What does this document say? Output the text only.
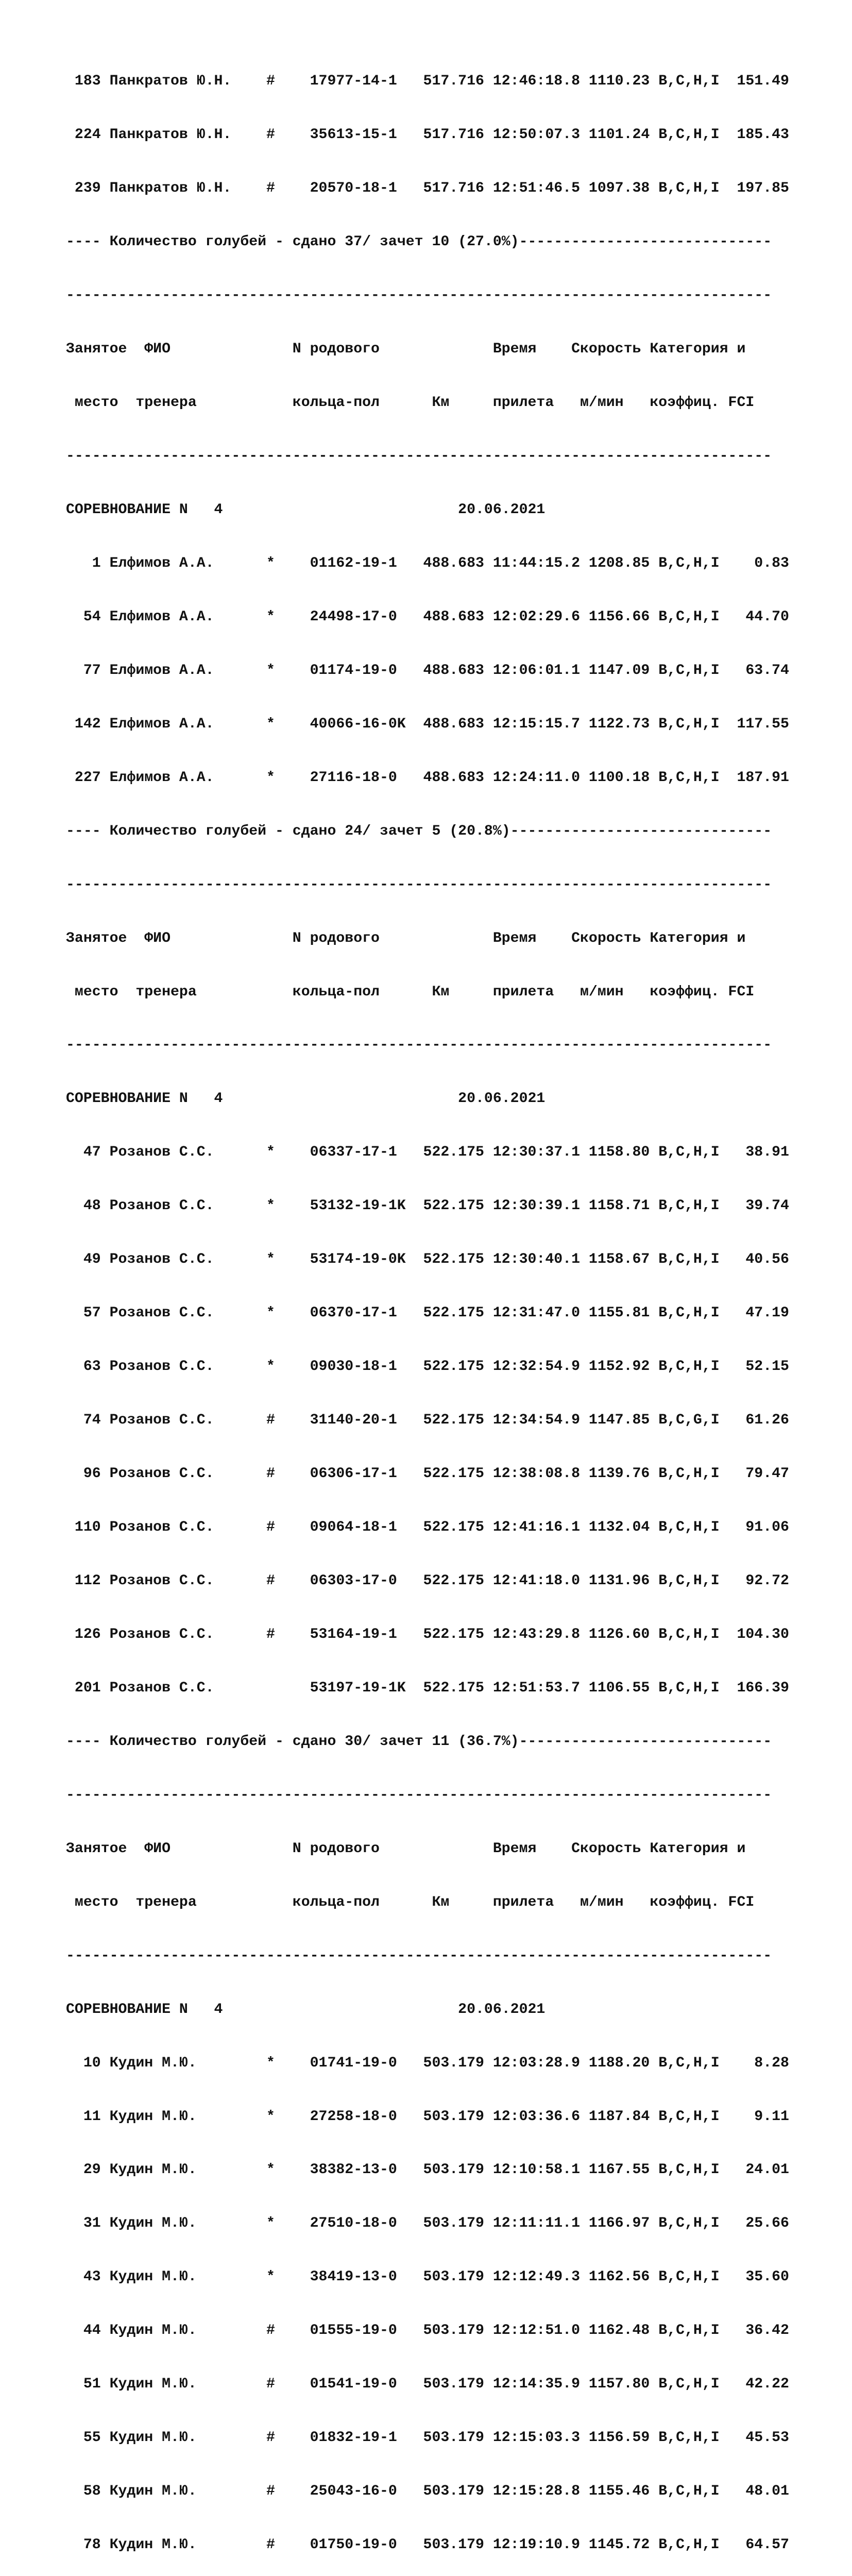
183 Панкратов Ю.Н.    #    17977-14-1   517.716 12:46:18.8 1110.23 B,C,H,I  151.49

224 Панкратов Ю.Н.    #    35613-15-1   517.716 12:50:07.3 1101.24 B,C,H,I  185.43

239 Панкратов Ю.Н.    #    20570-18-1   517.716 12:51:46.5 1097.38 B,C,H,I  197.85

---- Количество голубей - сдано 37/ зачет 10 (27.0%)-----------------------------

---------------------------------------------------------------------------------

Занятое  ФИО              N родового             Время    Скорость Категория и

место  тренера           кольца-пол      Км     прилета   м/мин   коэффиц. FCI

---------------------------------------------------------------------------------

СОРЕВНОВАНИЕ N   4                           20.06.2021

1 Елфимов А.А.      *    01162-19-1   488.683 11:44:15.2 1208.85 B,C,H,I    0.83

54 Елфимов А.А.      *    24498-17-0   488.683 12:02:29.6 1156.66 B,C,H,I   44.70

77 Елфимов А.А.      *    01174-19-0   488.683 12:06:01.1 1147.09 B,C,H,I   63.74

142 Елфимов А.А.      *    40066-16-0K  488.683 12:15:15.7 1122.73 B,C,H,I  117.55

227 Елфимов А.А.      *    27116-18-0   488.683 12:24:11.0 1100.18 B,C,H,I  187.91

---- Количество голубей - сдано 24/ зачет 5 (20.8%)------------------------------

---------------------------------------------------------------------------------

Занятое  ФИО              N родового             Время    Скорость Категория и

место  тренера           кольца-пол      Км     прилета   м/мин   коэффиц. FCI

---------------------------------------------------------------------------------

СОРЕВНОВАНИЕ N   4                           20.06.2021

47 Розанов С.С.      *    06337-17-1   522.175 12:30:37.1 1158.80 B,C,H,I   38.91

48 Розанов С.С.      *    53132-19-1K  522.175 12:30:39.1 1158.71 B,C,H,I   39.74

49 Розанов С.С.      *    53174-19-0K  522.175 12:30:40.1 1158.67 B,C,H,I   40.56

57 Розанов С.С.      *    06370-17-1   522.175 12:31:47.0 1155.81 B,C,H,I   47.19

63 Розанов С.С.      *    09030-18-1   522.175 12:32:54.9 1152.92 B,C,H,I   52.15

74 Розанов С.С.      #    31140-20-1   522.175 12:34:54.9 1147.85 B,C,G,I   61.26

96 Розанов С.С.      #    06306-17-1   522.175 12:38:08.8 1139.76 B,C,H,I   79.47

110 Розанов С.С.      #    09064-18-1   522.175 12:41:16.1 1132.04 B,C,H,I   91.06

112 Розанов С.С.      #    06303-17-0   522.175 12:41:18.0 1131.96 B,C,H,I   92.72

126 Розанов С.С.      #    53164-19-1   522.175 12:43:29.8 1126.60 B,C,H,I  104.30

201 Розанов С.С.           53197-19-1K  522.175 12:51:53.7 1106.55 B,C,H,I  166.39

---- Количество голубей - сдано 30/ зачет 11 (36.7%)-----------------------------

---------------------------------------------------------------------------------

Занятое  ФИО              N родового             Время    Скорость Категория и

место  тренера           кольца-пол      Км     прилета   м/мин   коэффиц. FCI

---------------------------------------------------------------------------------

СОРЕВНОВАНИЕ N   4                           20.06.2021

10 Кудин М.Ю.        *    01741-19-0   503.179 12:03:28.9 1188.20 B,C,H,I    8.28

11 Кудин М.Ю.        *    27258-18-0   503.179 12:03:36.6 1187.84 B,C,H,I    9.11

29 Кудин М.Ю.        *    38382-13-0   503.179 12:10:58.1 1167.55 B,C,H,I   24.01

31 Кудин М.Ю.        *    27510-18-0   503.179 12:11:11.1 1166.97 B,C,H,I   25.66

43 Кудин М.Ю.        *    38419-13-0   503.179 12:12:49.3 1162.56 B,C,H,I   35.60

44 Кудин М.Ю.        #    01555-19-0   503.179 12:12:51.0 1162.48 B,C,H,I   36.42

51 Кудин М.Ю.        #    01541-19-0   503.179 12:14:35.9 1157.80 B,C,H,I   42.22

55 Кудин М.Ю.        #    01832-19-1   503.179 12:15:03.3 1156.59 B,C,H,I   45.53

58 Кудин М.Ю.        #    25043-16-0   503.179 12:15:28.8 1155.46 B,C,H,I   48.01

78 Кудин М.Ю.        #    01750-19-0   503.179 12:19:10.9 1145.72 B,C,H,I   64.57
